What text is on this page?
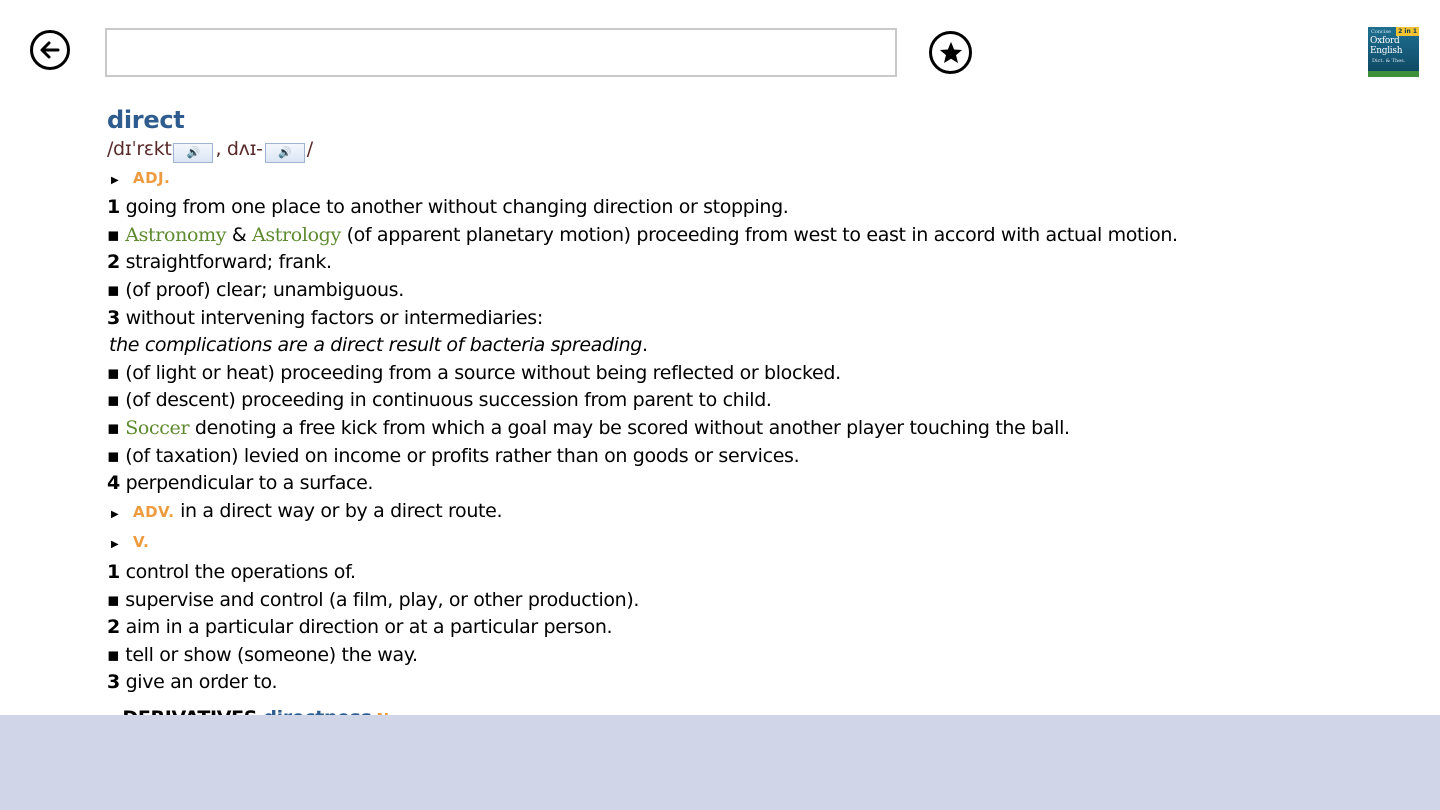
2 in 1
Concise
Oxford
English
Dict. & Thes.
direct
/dɪˈrɛkt 🔊 , dʌɪ- 🔊 /
▶ ADJ.
1 going from one place to another without changing direction or stopping.
▪ Astronomy & Astrology (of apparent planetary motion) proceeding from west to east in accord with actual motion.
2 straightforward; frank.
▪ (of proof) clear; unambiguous.
3 without intervening factors or intermediaries:
the complications are a direct result of bacteria spreading.
▪ (of light or heat) proceeding from a source without being reflected or blocked.
▪ (of descent) proceeding in continuous succession from parent to child.
▪ Soccer denoting a free kick from which a goal may be scored without another player touching the ball.
▪ (of taxation) levied on income or profits rather than on goods or services.
4 perpendicular to a surface.
▶ ADV. in a direct way or by a direct route.
▶ V.
1 control the operations of.
▪ supervise and control (a film, play, or other production).
2 aim in a particular direction or at a particular person.
▪ tell or show (someone) the way.
3 give an order to.
